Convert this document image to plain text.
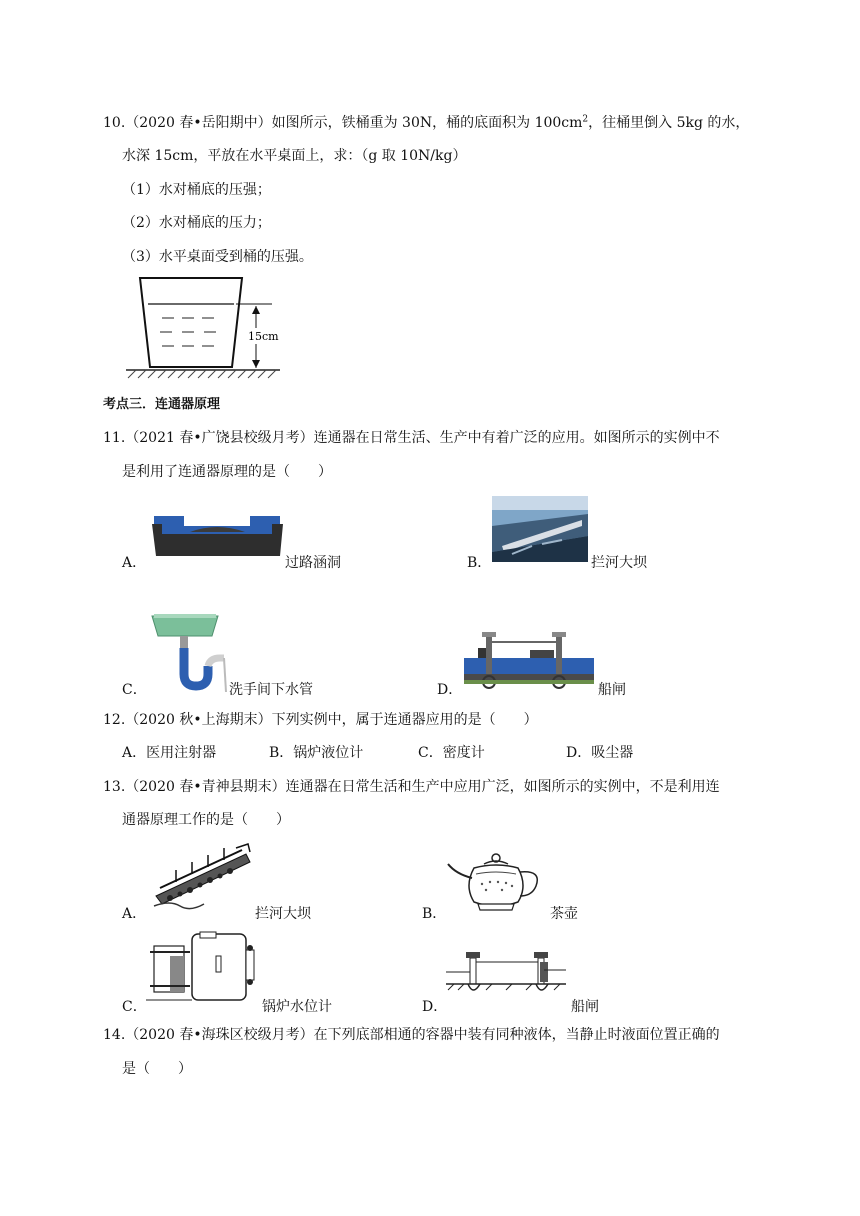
10.（2020 春•岳阳期中）如图所示，铁桶重为 30N，桶的底面积为 $100cm^2$，往桶里倒入 5kg 的水，
水深 15cm，平放在水平桌面上，求：（g 取 10N/kg）
（1）水对桶底的压强；
（2）水对桶底的压力；
（3）水平桌面受到桶的压强。
15cm
考点三．连通器原理
11.（2021 春•广饶县校级月考）连通器在日常生活、生产中有着广泛的应用。如图所示的实例中不
是利用了连通器原理的是（　　）
A．	过路涵洞	B．	拦河大坝
C．	洗手间下水管	D．	船闸
12.（2020 秋•上海期末）下列实例中，属于连通器应用的是（　　）
A．医用注射器	B．锅炉液位计	C．密度计	D．吸尘器
13.（2020 春•青神县期末）连通器在日常生活和生产中应用广泛，如图所示的实例中，不是利用连
通器原理工作的是（　　）
A．	拦河大坝	B．	茶壶
C．	锅炉水位计	D．	船闸
14.（2020 春•海珠区校级月考）在下列底部相通的容器中装有同种液体，当静止时液面位置正确的
是（　　）
